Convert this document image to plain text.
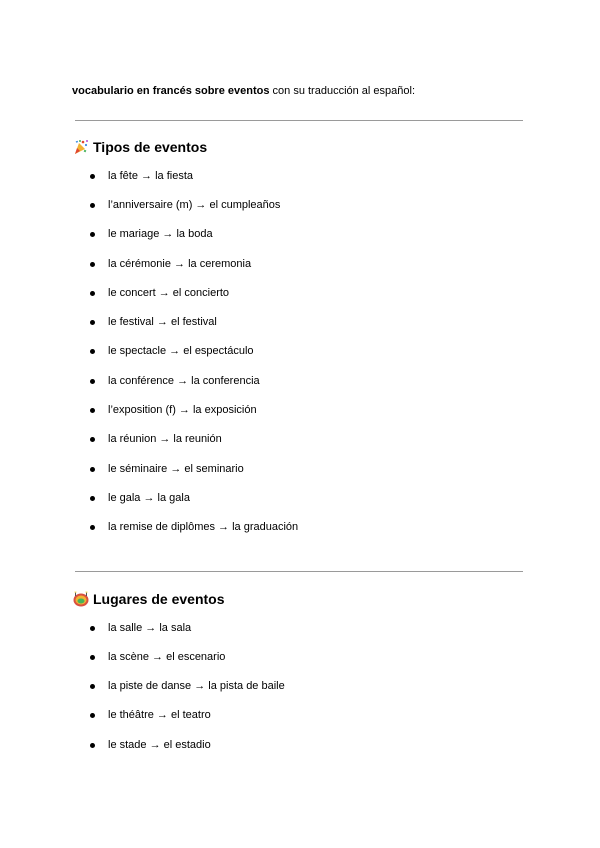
vocabulario en francés sobre eventos con su traducción al español:
Tipos de eventos
la fête → la fiesta
l’anniversaire (m) → el cumpleaños
le mariage → la boda
la cérémonie → la ceremonia
le concert → el concierto
le festival → el festival
le spectacle → el espectáculo
la conférence → la conferencia
l’exposition (f) → la exposición
la réunion → la reunión
le séminaire → el seminario
le gala → la gala
la remise de diplômes → la graduación
Lugares de eventos
la salle → la sala
la scène → el escenario
la piste de danse → la pista de baile
le théâtre → el teatro
le stade → el estadio
